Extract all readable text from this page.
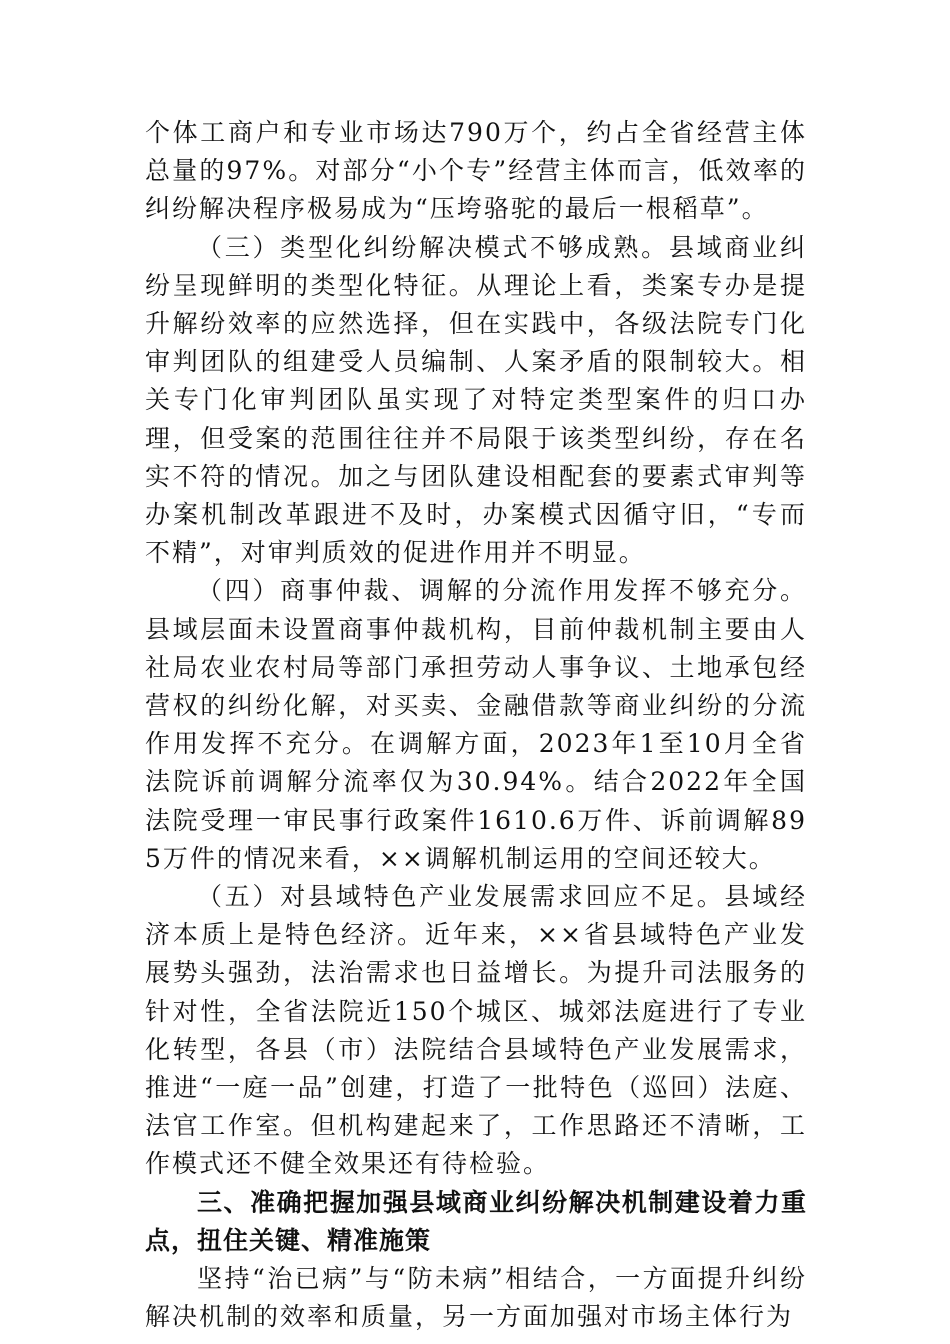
个体工商户和专业市场达790万个，约占全省经营主体总量的97%。对部分“小个专”经营主体而言，低效率的纠纷解决程序极易成为“压垮骆驼的最后一根稻草”。

（三）类型化纠纷解决模式不够成熟。县域商业纠纷呈现鲜明的类型化特征。从理论上看，类案专办是提升解纷效率的应然选择，但在实践中，各级法院专门化审判团队的组建受人员编制、人案矛盾的限制较大。相关专门化审判团队虽实现了对特定类型案件的归口办理，但受案的范围往往并不局限于该类型纠纷，存在名实不符的情况。加之与团队建设相配套的要素式审判等办案机制改革跟进不及时，办案模式因循守旧，“专而不精”，对审判质效的促进作用并不明显。

（四）商事仲裁、调解的分流作用发挥不够充分。县域层面未设置商事仲裁机构，目前仲裁机制主要由人社局农业农村局等部门承担劳动人事争议、土地承包经营权的纠纷化解，对买卖、金融借款等商业纠纷的分流作用发挥不充分。在调解方面，2023年1至10月全省法院诉前调解分流率仅为30.94%。结合2022年全国法院受理一审民事行政案件1610.6万件、诉前调解895万件的情况来看，××调解机制运用的空间还较大。

（五）对县域特色产业发展需求回应不足。县域经济本质上是特色经济。近年来，××省县域特色产业发展势头强劲，法治需求也日益增长。为提升司法服务的针对性，全省法院近150个城区、城郊法庭进行了专业化转型，各县（市）法院结合县域特色产业发展需求，推进“一庭一品”创建，打造了一批特色（巡回）法庭、法官工作室。但机构建起来了，工作思路还不清晰，工作模式还不健全效果还有待检验。

三、准确把握加强县域商业纠纷解决机制建设着力重点，扭住关键、精准施策

坚持“治已病”与“防未病”相结合，一方面提升纠纷解决机制的效率和质量，另一方面加强对市场主体行为
